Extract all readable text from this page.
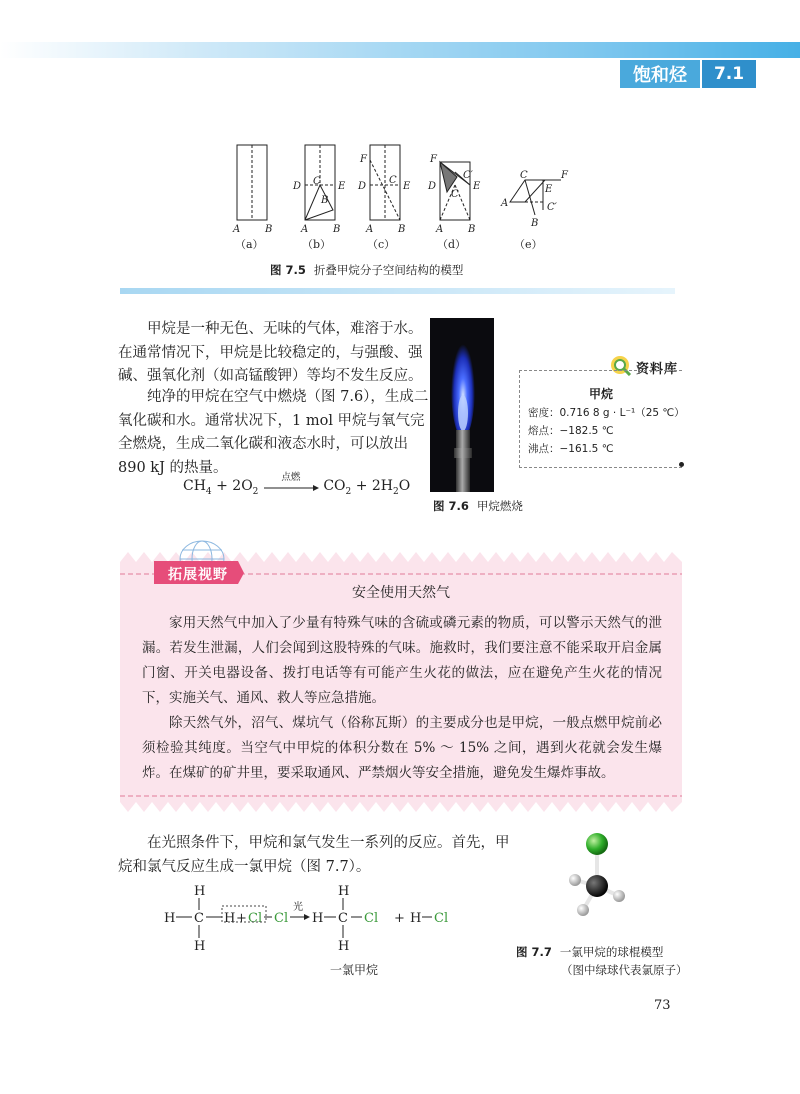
饱和烃	7.1
A B	A B
D	E
C
B
A B
F
D	E
C
A B
F
D	E
C′
C
C	F
E
A	C′
B
（a）	（b）	（c）	（d）	（e）
图 7.5 折叠甲烷分子空间结构的模型

甲烷是一种无色、无味的气体，难溶于水。在通常情况下，甲烷是比较稳定的，与强酸、强碱、强氧化剂（如高锰酸钾）等均不发生反应。

纯净的甲烷在空气中燃烧（图 7.6），生成二氧化碳和水。通常状况下，1 mol 甲烷与氧气完全燃烧，生成二氧化碳和液态水时，可以放出 890 kJ 的热量。

$CH_4 + 2O_2$
点燃
$CO_2 + 2H_2O$
图 7.6 甲烷燃烧
资料库
甲烷
密度：0.716 8 g · L⁻¹（25 ℃）
熔点：−182.5 ℃
沸点：−161.5 ℃
拓展视野
安全使用天然气

家用天然气中加入了少量有特殊气味的含硫或磷元素的物质，可以警示天然气的泄漏。若发生泄漏，人们会闻到这股特殊的气味。施救时，我们要注意不能采取开启金属门窗、开关电器设备、拨打电话等有可能产生火花的做法，应在避免产生火花的情况下，实施关气、通风、救人等应急措施。

除天然气外，沼气、煤坑气（俗称瓦斯）的主要成分也是甲烷，一般点燃甲烷前必须检验其纯度。当空气中甲烷的体积分数在 5% ～ 15% 之间，遇到火花就会发生爆炸。在煤矿的矿井里，要采取通风、严禁烟火等安全措施，避免发生爆炸事故。

在光照条件下，甲烷和氯气发生一系列的反应。首先，甲烷和氯气反应生成一氯甲烷（图 7.7）。

H
H C H
H
+
H
H C
H
+ H
Cl Cl	Cl	Cl
光
一氯甲烷
图 7.7 一氯甲烷的球棍模型
（图中绿球代表氯原子）
73
